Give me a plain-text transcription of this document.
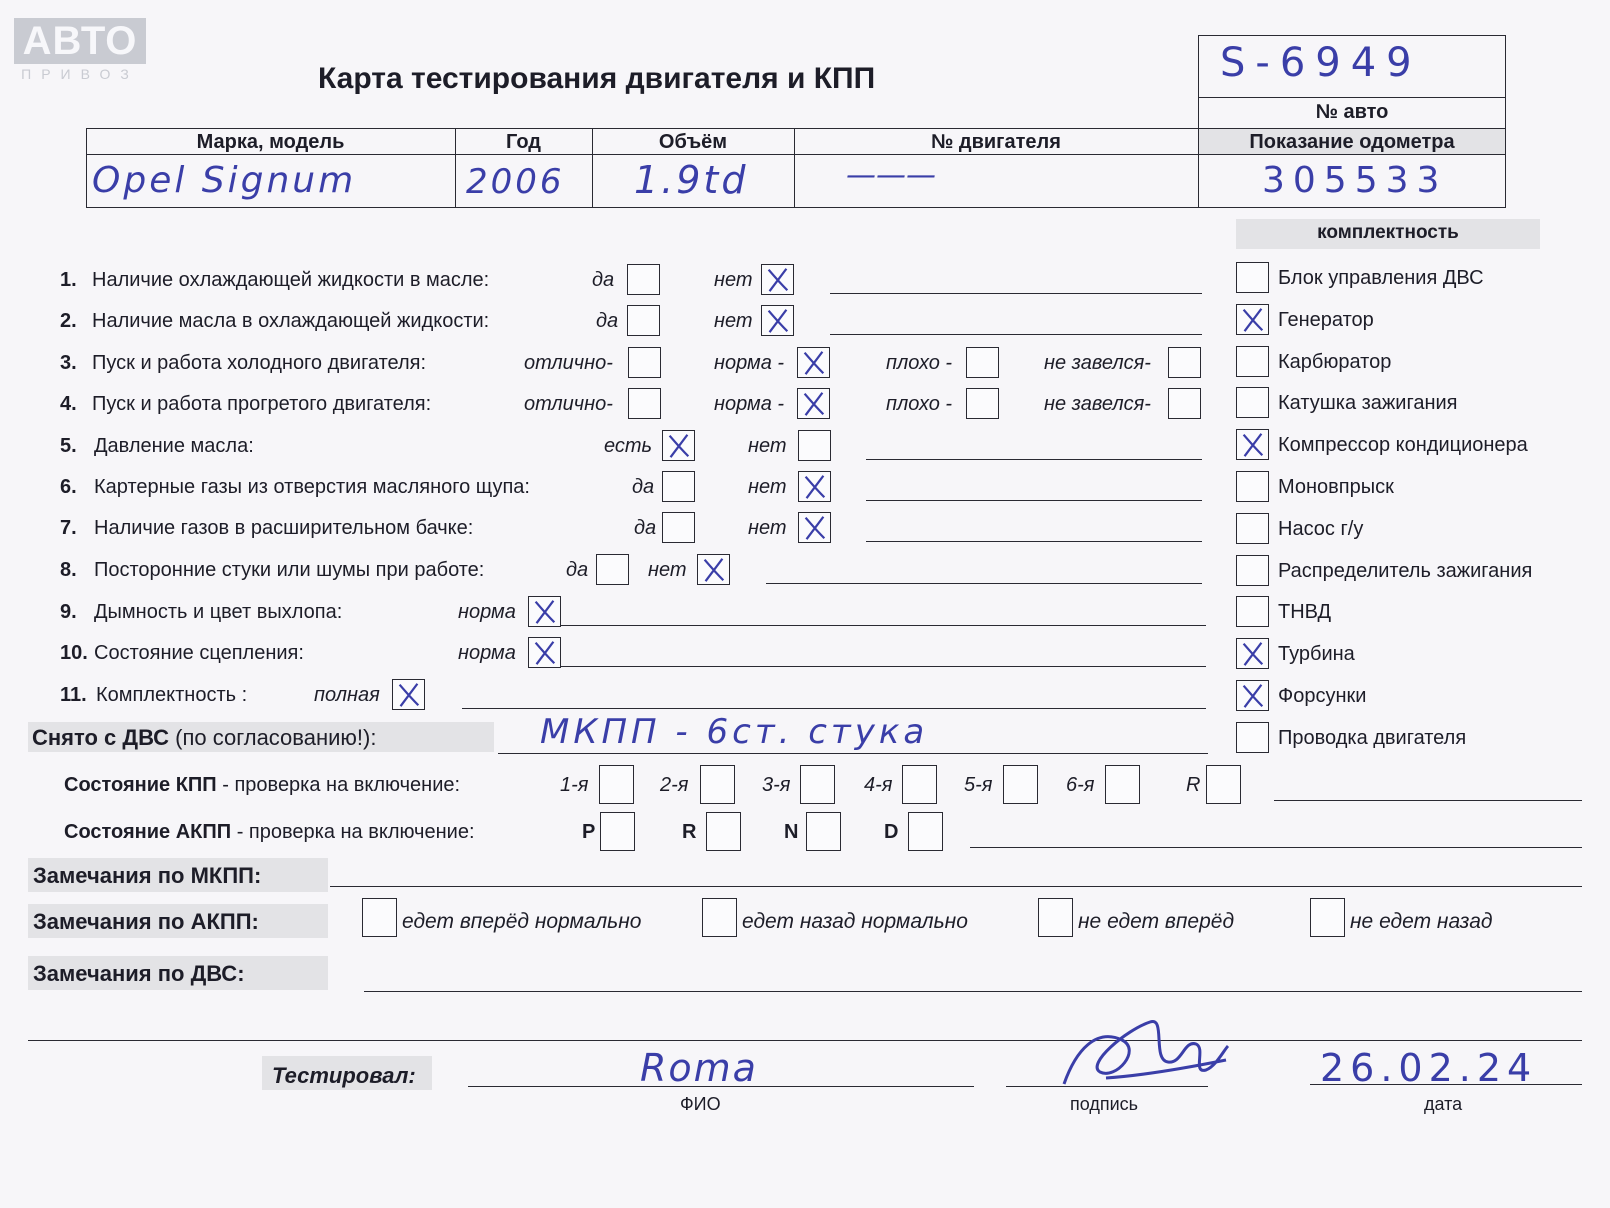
АВТО
ПРИВОЗ	Карта тестирования двигателя и КПП	S-6949
№ авто
Марка, модель	Год	Объём	№ двигателя	Показание одометра
Opel Signum	2006 1.9td	———	305533
комплектность
1. Наличие охлаждающей жидкости в масле:	да	нет
2. Наличие масла в охлаждающей жидкости:	да	нет
3. Пуск и работа холодного двигателя:	отлично-	норма -	плохо -	не завелся-
4. Пуск и работа прогретого двигателя:	отлично-	норма -	плохо -	не завелся-
5. Давление масла:	есть	нет
6. Картерные газы из отверстия масляного щупа:	да	нет
7. Наличие газов в расширительном бачке:	да	нет
8. Посторонние стуки или шумы при работе:	да	нет
9. Дымность и цвет выхлопа:	норма
10. Состояние сцепления:	норма
11. Комплектность :	полная
Блок управления ДВС
Генератор
Карбюратор
Катушка зажигания
Компрессор кондиционера
Моновпрыск
Насос г/у
Распределитель зажигания
ТНВД
Турбина
Форсунки
Проводка двигателя
Снято с ДВС (по согласованию!):	МКПП - 6ст. стука
Состояние КПП - проверка на включение:	1-я	2-я	3-я	4-я	5-я	6-я	R
Состояние АКПП - проверка на включение:	P	R	N	D
Замечания по МКПП:
Замечания по АКПП:	едет вперёд нормально	едет назад нормально	не едет вперёд	не едет назад
Замечания по ДВС:
Тестировал:	Roma
ФИО	подпись
26.02.24
дата
